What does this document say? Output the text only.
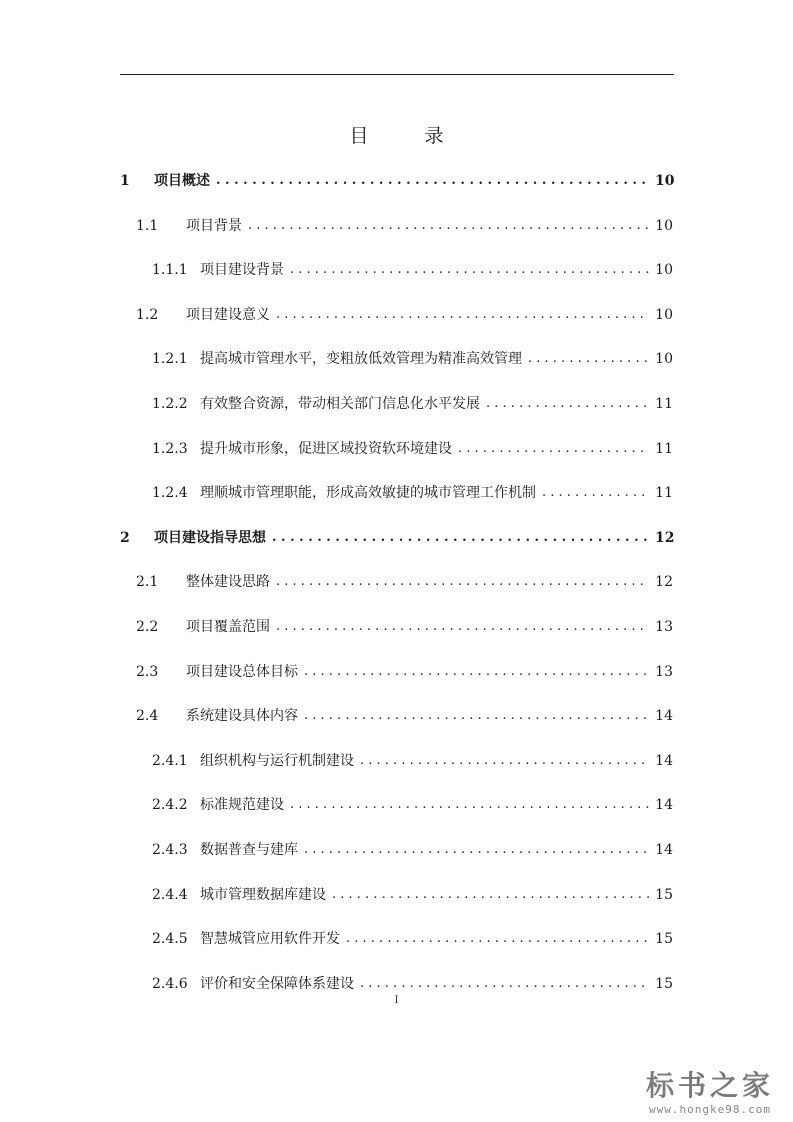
目	录
1	项目概述 . . .	10
1.1	项目背景 . . .	10
1.1.1 项目建设背景 . . .	10
1.2	项目建设意义 . . .	10
1.2.1 提高城市管理水平，变粗放低效管理为精准高效管理 . . .	10
1.2.2 有效整合资源，带动相关部门信息化水平发展 . . .	11
1.2.3 提升城市形象，促进区域投资软环境建设 . . .	11
1.2.4 理顺城市管理职能，形成高效敏捷的城市管理工作机制 . . .	11
2	项目建设指导思想 . . .	12
2.1	整体建设思路 . . .	12
2.2	项目覆盖范围 . . .	13
2.3	项目建设总体目标 . . .	13
2.4	系统建设具体内容 . . .	14
2.4.1 组织机构与运行机制建设 . . .	14
2.4.2 标准规范建设 . . .	14
2.4.3 数据普查与建库 . . .	14
2.4.4 城市管理数据库建设 . . .	15
2.4.5 智慧城管应用软件开发 . . .	15
2.4.6 评价和安全保障体系建设 . . .	15
I
标书之家
www.hongke98.com
